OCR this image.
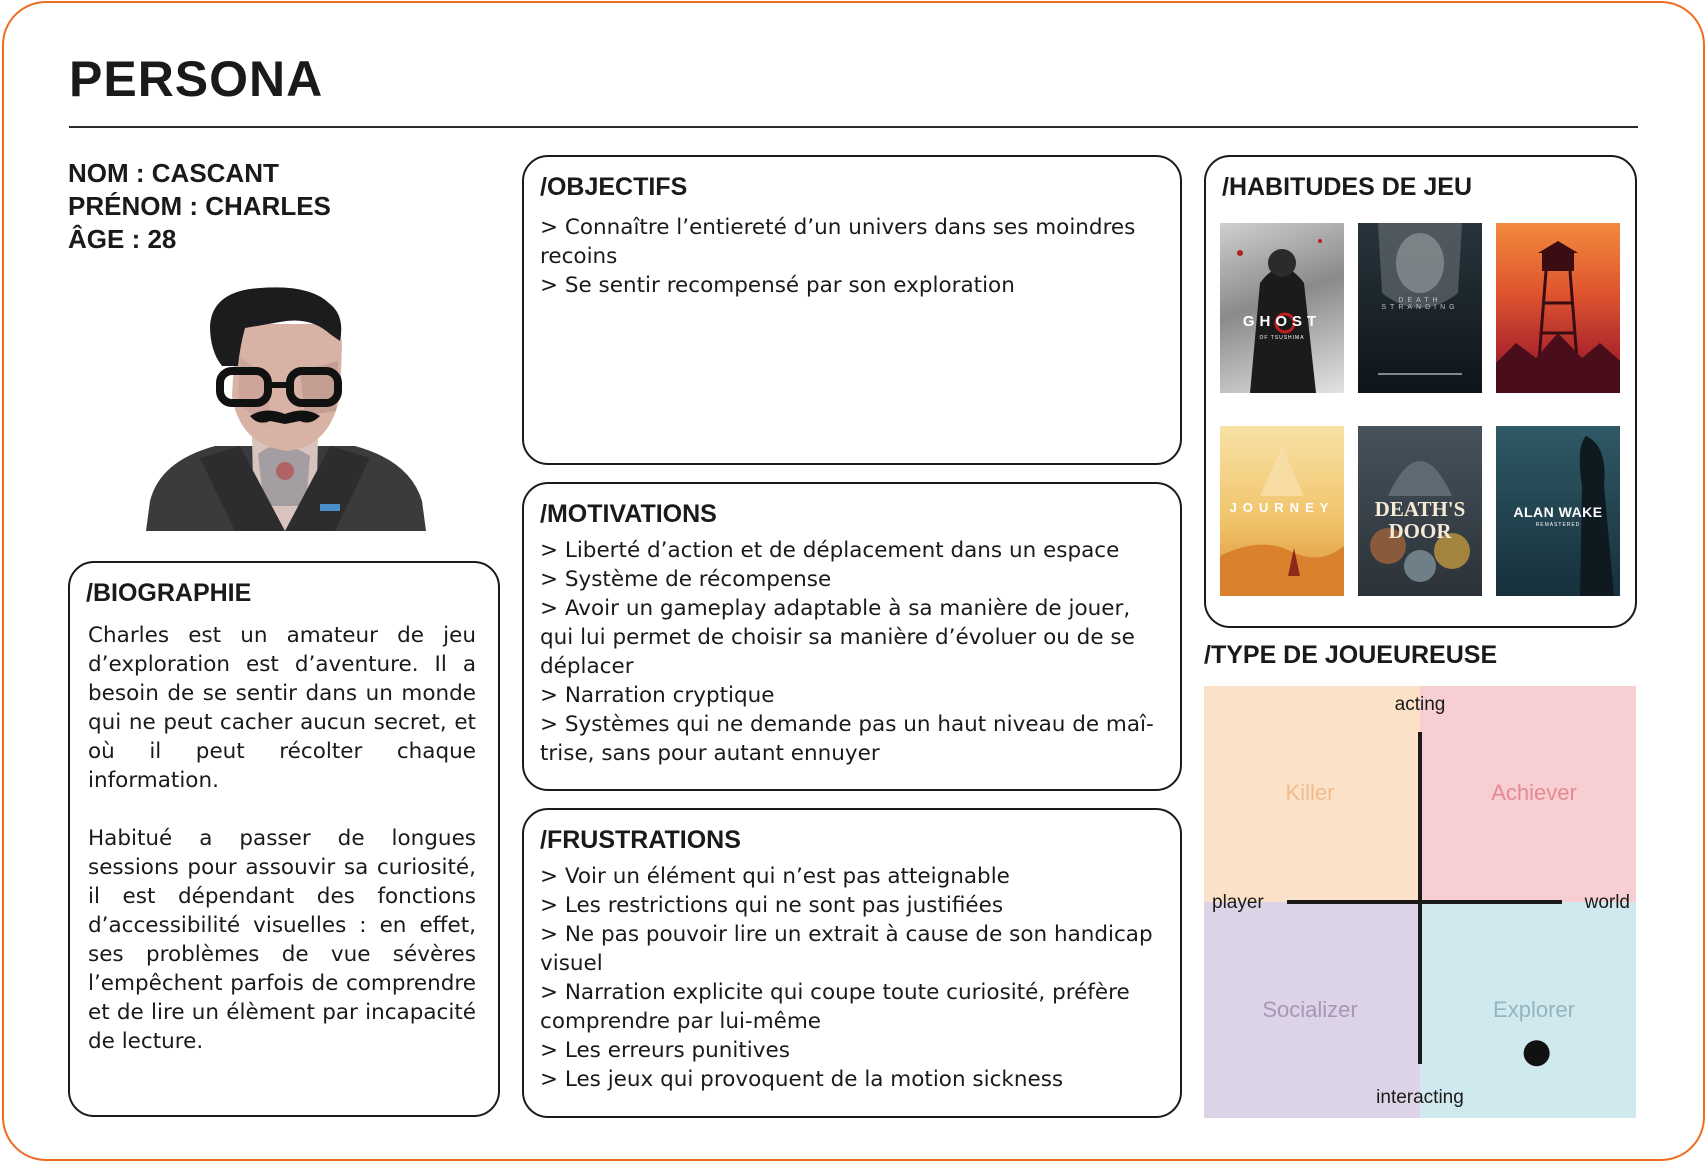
PERSONA
NOM : CASCANT
PRÉNOM : CHARLES
ÂGE : 28
/BIOGRAPHIE

Charles est un amateur de jeu d’exploration est d’aventure. Il a besoin de se sentir dans un monde qui ne peut cacher aucun secret, et où il peut récolter chaque information.

Habitué a passer de longues sessions pour assouvir sa curiosité, il est dépendant des fonctions d’accessibilité visuelles : en effet, ses problèmes de vue sévères l’empêchent parfois de comprendre et de lire un élèment par incapacité de lecture.

/OBJECTIFS
> Connaître l’entiereté d’un univers dans ses moindres recoins
> Se sentir recompensé par son exploration
/MOTIVATIONS
> Liberté d’action et de déplacement dans un espace
> Système de récompense
> Avoir un gameplay adaptable à sa manière de jouer, qui lui permet de choisir sa manière d’évoluer ou de se déplacer
> Narration cryptique
> Systèmes qui ne demande pas un haut niveau de maî-trise, sans pour autant ennuyer
/FRUSTRATIONS
> Voir un élément qui n’est pas atteignable
> Les restrictions qui ne sont pas justifiées
> Ne pas pouvoir lire un extrait à cause de son handicap visuel
> Narration explicite qui coupe toute curiosité, préfère comprendre par lui-même
> Les erreurs punitives
> Les jeux qui provoquent de la motion sickness
/HABITUDES DE JEU
GHOST
OF TSUSHIMA
DEATH STRANDING
JOURNEY	DEATH'S DOOR
ALAN WAKE
REMASTERED
/TYPE DE JOUEUREUSE
Killer	Achiever
Socializer	Explorer
acting
interacting
player	world
